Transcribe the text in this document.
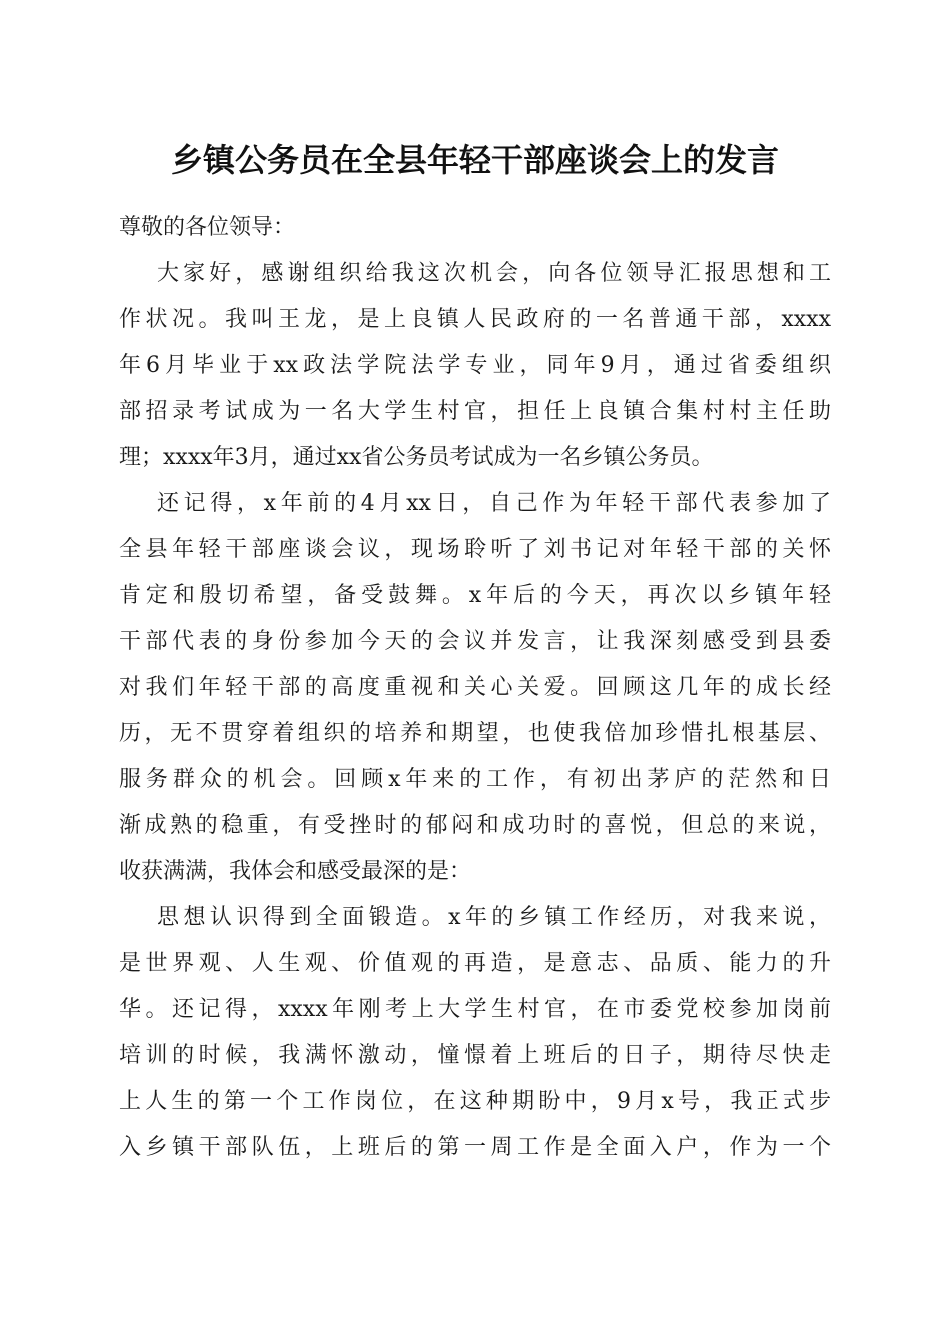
乡镇公务员在全县年轻干部座谈会上的发言
尊敬的各位领导：
大家好，感谢组织给我这次机会，向各位领导汇报思想和工
作状况。我叫王龙，是上良镇人民政府的一名普通干部，xxxx
年6月毕业于xx政法学院法学专业，同年9月，通过省委组织
部招录考试成为一名大学生村官，担任上良镇合集村村主任助
理；xxxx年3月，通过xx省公务员考试成为一名乡镇公务员。
还记得，x年前的4月xx日，自己作为年轻干部代表参加了
全县年轻干部座谈会议，现场聆听了刘书记对年轻干部的关怀
肯定和殷切希望，备受鼓舞。x年后的今天，再次以乡镇年轻
干部代表的身份参加今天的会议并发言，让我深刻感受到县委
对我们年轻干部的高度重视和关心关爱。回顾这几年的成长经
历，无不贯穿着组织的培养和期望，也使我倍加珍惜扎根基层、
服务群众的机会。回顾x年来的工作，有初出茅庐的茫然和日
渐成熟的稳重，有受挫时的郁闷和成功时的喜悦，但总的来说，
收获满满，我体会和感受最深的是：
思想认识得到全面锻造。x年的乡镇工作经历，对我来说，
是世界观、人生观、价值观的再造，是意志、品质、能力的升
华。还记得，xxxx年刚考上大学生村官，在市委党校参加岗前
培训的时候，我满怀激动，憧憬着上班后的日子，期待尽快走
上人生的第一个工作岗位，在这种期盼中，9月x号，我正式步
入乡镇干部队伍，上班后的第一周工作是全面入户，作为一个
